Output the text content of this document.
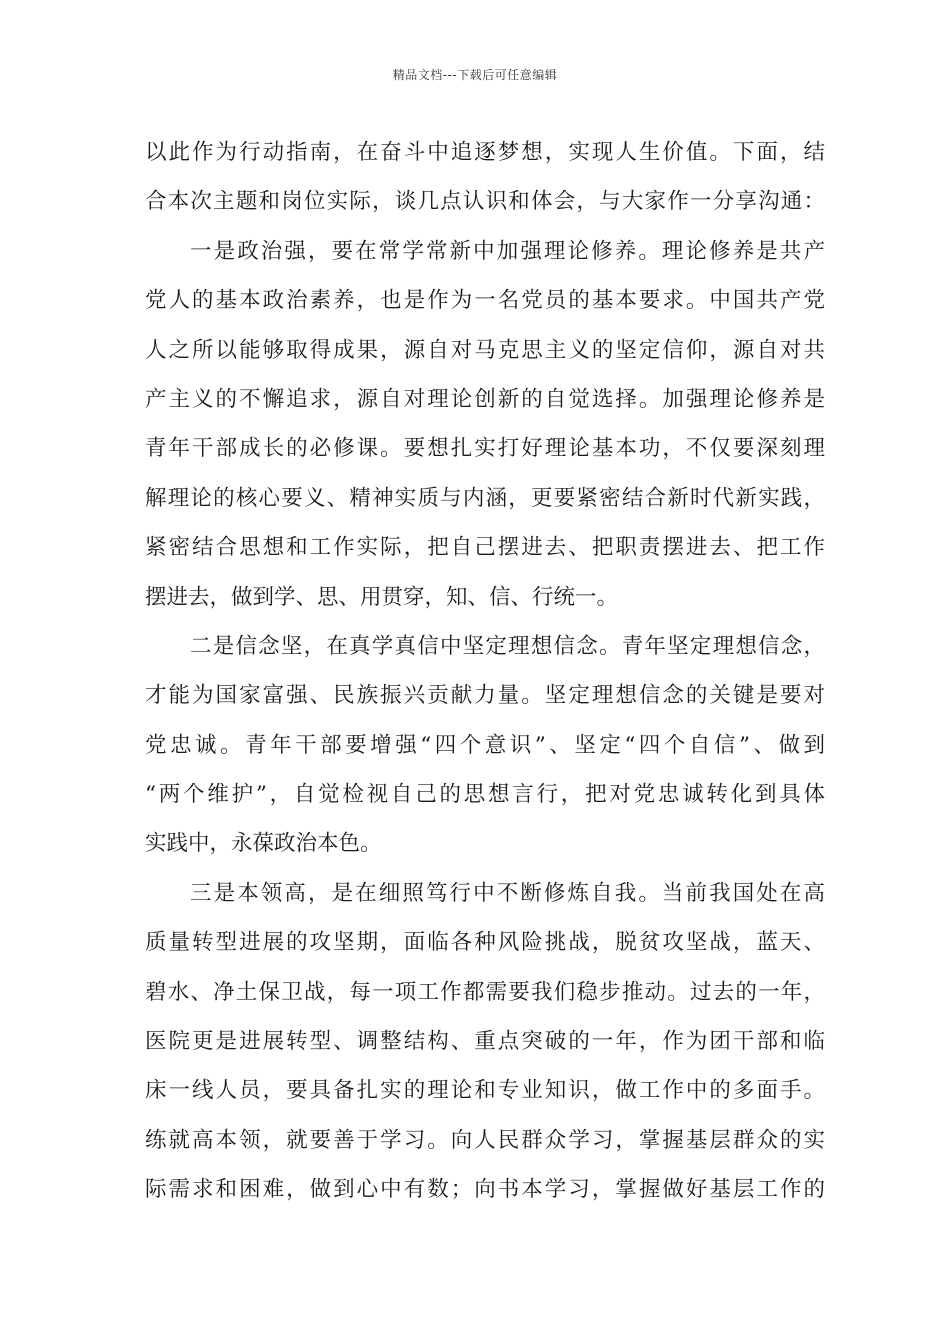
精品文档---下载后可任意编辑
以此作为行动指南，在奋斗中追逐梦想，实现人生价值。下面，结
合本次主题和岗位实际，谈几点认识和体会，与大家作一分享沟通：
一是政治强，要在常学常新中加强理论修养。理论修养是共产
党人的基本政治素养，也是作为一名党员的基本要求。中国共产党
人之所以能够取得成果，源自对马克思主义的坚定信仰，源自对共
产主义的不懈追求，源自对理论创新的自觉选择。加强理论修养是
青年干部成长的必修课。要想扎实打好理论基本功，不仅要深刻理
解理论的核心要义、精神实质与内涵，更要紧密结合新时代新实践，
紧密结合思想和工作实际，把自己摆进去、把职责摆进去、把工作
摆进去，做到学、思、用贯穿，知、信、行统一。
二是信念坚，在真学真信中坚定理想信念。青年坚定理想信念，
才能为国家富强、民族振兴贡献力量。坚定理想信念的关键是要对
党忠诚。青年干部要增强“四个意识”、坚定“四个自信”、做到
“两个维护”，自觉检视自己的思想言行，把对党忠诚转化到具体
实践中，永葆政治本色。
三是本领高，是在细照笃行中不断修炼自我。当前我国处在高
质量转型进展的攻坚期，面临各种风险挑战，脱贫攻坚战，蓝天、
碧水、净土保卫战，每一项工作都需要我们稳步推动。过去的一年，
医院更是进展转型、调整结构、重点突破的一年，作为团干部和临
床一线人员，要具备扎实的理论和专业知识，做工作中的多面手。
练就高本领，就要善于学习。向人民群众学习，掌握基层群众的实
际需求和困难，做到心中有数；向书本学习，掌握做好基层工作的
